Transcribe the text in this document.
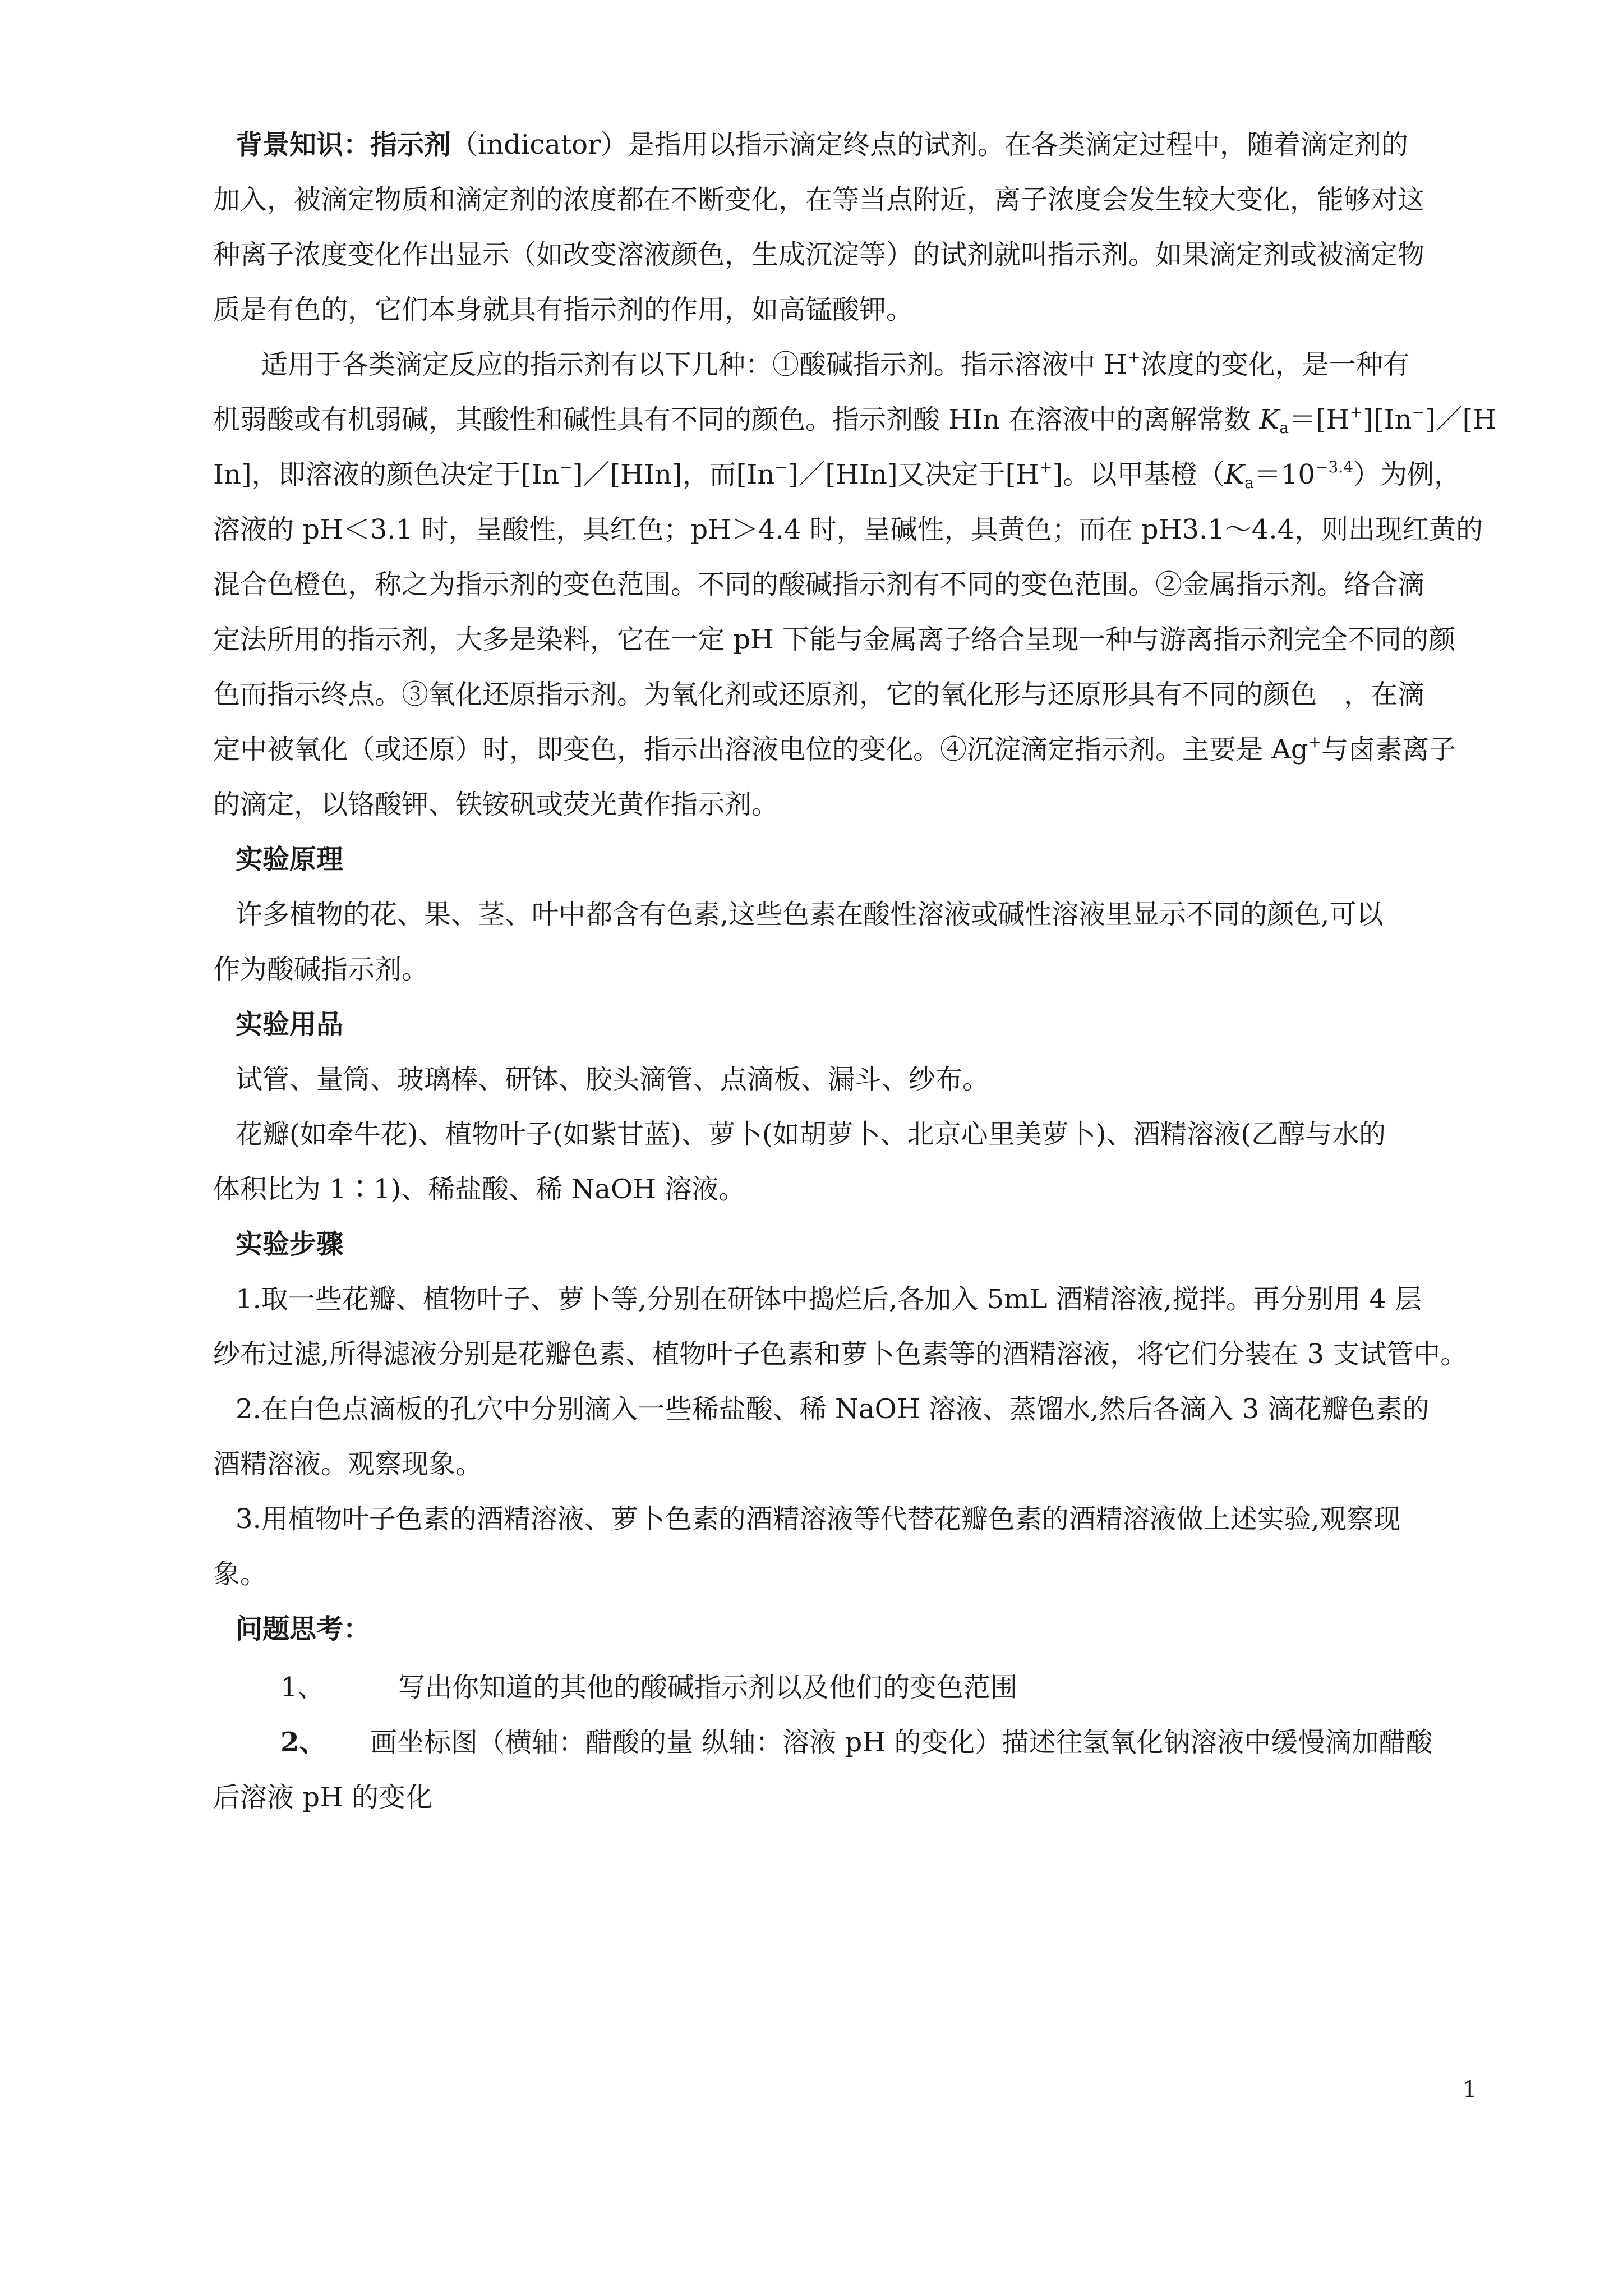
背景知识：指示剂（indicator）是指用以指示滴定终点的试剂。在各类滴定过程中，随着滴定剂的
加入，被滴定物质和滴定剂的浓度都在不断变化，在等当点附近，离子浓度会发生较大变化，能够对这
种离子浓度变化作出显示（如改变溶液颜色，生成沉淀等）的试剂就叫指示剂。如果滴定剂或被滴定物
质是有色的，它们本身就具有指示剂的作用，如高锰酸钾。
适用于各类滴定反应的指示剂有以下几种：①酸碱指示剂。指示溶液中 H+浓度的变化，是一种有
机弱酸或有机弱碱，其酸性和碱性具有不同的颜色。指示剂酸 HIn 在溶液中的离解常数 $K_a=[H^+][In^-]/[H$
In]，即溶液的颜色决定于[In−]／[HIn]，而[In−]／[HIn]又决定于[H+]。以甲基橙$(K_a=10^{-3.4})$为例，
溶液的 pH＜3.1 时，呈酸性，具红色；pH＞4.4 时，呈碱性，具黄色；而在 pH3.1～4.4，则出现红黄的
混合色橙色，称之为指示剂的变色范围。不同的酸碱指示剂有不同的变色范围。②金属指示剂。络合滴
定法所用的指示剂，大多是染料，它在一定 pH 下能与金属离子络合呈现一种与游离指示剂完全不同的颜
色而指示终点。③氧化还原指示剂。为氧化剂或还原剂，它的氧化形与还原形具有不同的颜色　，在滴
定中被氧化（或还原）时，即变色，指示出溶液电位的变化。④沉淀滴定指示剂。主要是 Ag+与卤素离子
的滴定，以铬酸钾、铁铵矾或荧光黄作指示剂。
实验原理
许多植物的花、果、茎、叶中都含有色素,这些色素在酸性溶液或碱性溶液里显示不同的颜色,可以
作为酸碱指示剂。
实验用品
试管、量筒、玻璃棒、研钵、胶头滴管、点滴板、漏斗、纱布。
花瓣(如牵牛花)、植物叶子(如紫甘蓝)、萝卜(如胡萝卜、北京心里美萝卜)、酒精溶液(乙醇与水的
体积比为 1∶1)、稀盐酸、稀 NaOH 溶液。
实验步骤
1.取一些花瓣、植物叶子、萝卜等,分别在研钵中捣烂后,各加入 5mL 酒精溶液,搅拌。再分别用 4 层
纱布过滤,所得滤液分别是花瓣色素、植物叶子色素和萝卜色素等的酒精溶液，将它们分装在 3 支试管中。
2.在白色点滴板的孔穴中分别滴入一些稀盐酸、稀 NaOH 溶液、蒸馏水,然后各滴入 3 滴花瓣色素的
酒精溶液。观察现象。
3.用植物叶子色素的酒精溶液、萝卜色素的酒精溶液等代替花瓣色素的酒精溶液做上述实验,观察现
象。
问题思考：
1、	写出你知道的其他的酸碱指示剂以及他们的变色范围
2、 画坐标图（横轴：醋酸的量 纵轴：溶液 pH 的变化）描述往氢氧化钠溶液中缓慢滴加醋酸
后溶液 pH 的变化
1
